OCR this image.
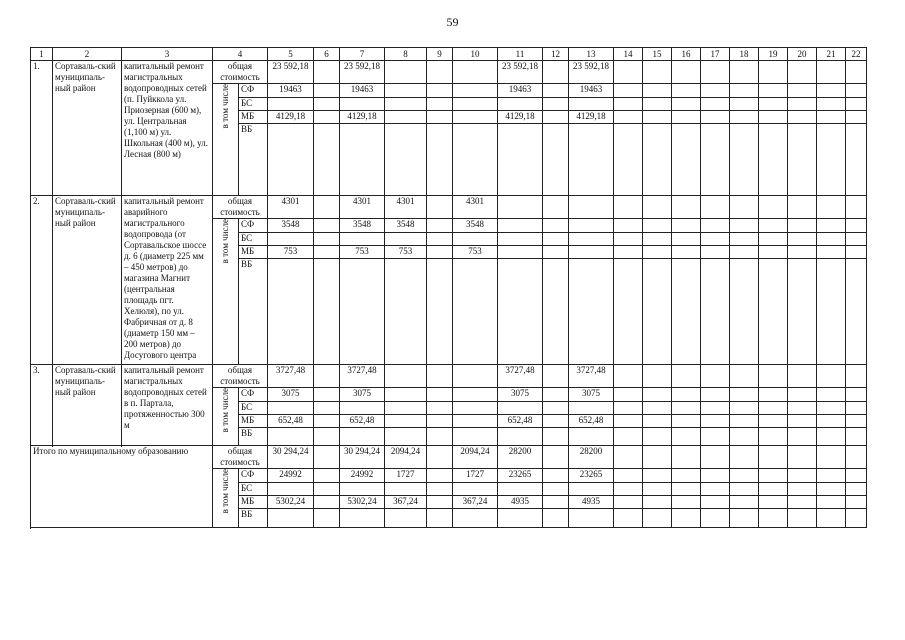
59
1	2	3	4		5	6	7	8	9	10	11	12	13	14	15	16	17	18	19	20	21	22
1.	Сортаваль-ский муниципаль-ный район	капитальный ремонт магистральных водопроводных сетей (п. Пуйккола ул. Приозерная (600 м), ул. Центральная (1,100 м) ул. Школьная (400 м), ул. Лесная (800 м)	общая стоимость		23 592,18		23 592,18				23 592,18		23 592,18									
			в том числе	СФ	19463		19463				19463		19463									
				БС																		
				МБ	4129,18		4129,18				4129,18		4129,18									
				ВБ																		

2.	Сортаваль-ский муниципаль-ный район	капитальный ремонт аварийного магистрального водопровода (от Сортавальское шоссе д. 6 (диаметр 225 мм – 450 метров) до магазина Магнит (центральная площадь пгт. Хелюля), по ул. Фабричная от д. 8 (диаметр 150 мм – 200 метров) до Досугового центра	общая стоимость		4301		4301	4301		4301												
			в том числе	СФ	3548		3548	3548		3548												
				БС																		
				МБ	753		753	753		753												
				ВБ																		

3.	Сортаваль-ский муниципаль-ный район	капитальный ремонт магистральных водопроводных сетей в п. Партала, протяженностью 300 м	общая стоимость		3727,48		3727,48				3727,48		3727,48									
			в том числе	СФ	3075		3075				3075		3075									
				БС																		
				МБ	652,48		652,48				652,48		652,48									
				ВБ																		

Итого по муниципальному образованию			общая стоимость		30 294,24		30 294,24	2094,24		2094,24	28200		28200									
			в том числе	СФ	24992		24992	1727		1727	23265		23265									
				БС																		
				МБ	5302,24		5302,24	367,24		367,24	4935		4935									
				ВБ																		
